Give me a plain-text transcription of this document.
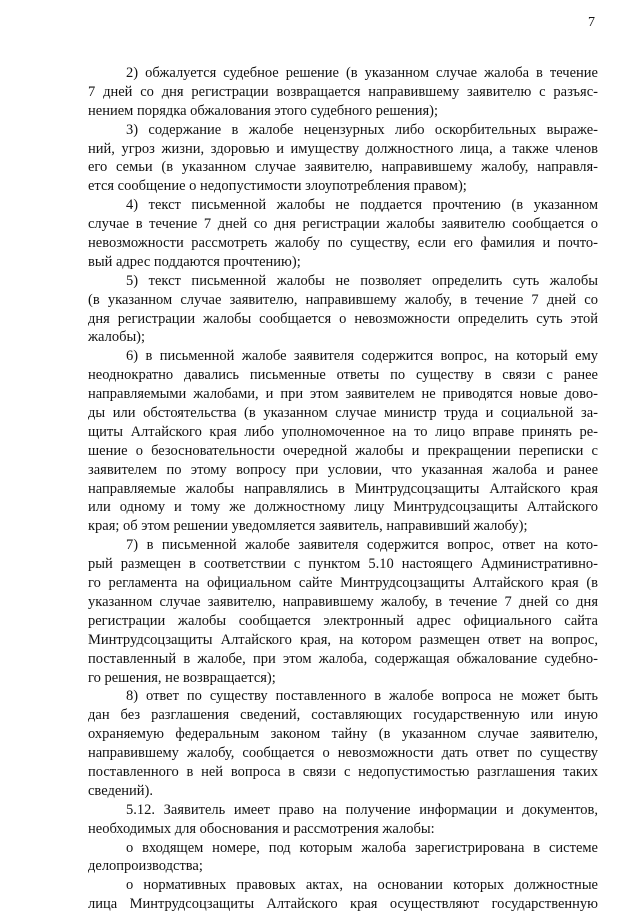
7
2) обжалуется судебное решение (в указанном случае жалоба в течение
7 дней со дня регистрации возвращается направившему заявителю с разъяс-
нением порядка обжалования этого судебного решения);
3) содержание в жалобе нецензурных либо оскорбительных выраже-
ний, угроз жизни, здоровью и имуществу должностного лица, а также членов
его семьи (в указанном случае заявителю, направившему жалобу, направля-
ется сообщение о недопустимости злоупотребления правом);
4) текст письменной жалобы не поддается прочтению (в указанном
случае в течение 7 дней со дня регистрации жалобы заявителю сообщается о
невозможности рассмотреть жалобу по существу, если его фамилия и почто-
вый адрес поддаются прочтению);
5) текст письменной жалобы не позволяет определить суть жалобы
(в указанном случае заявителю, направившему жалобу, в течение 7 дней со
дня регистрации жалобы сообщается о невозможности определить суть этой
жалобы);
6) в письменной жалобе заявителя содержится вопрос, на который ему
неоднократно давались письменные ответы по существу в связи с ранее
направляемыми жалобами, и при этом заявителем не приводятся новые дово-
ды или обстоятельства (в указанном случае министр труда и социальной за-
щиты Алтайского края либо уполномоченное на то лицо вправе принять ре-
шение о безосновательности очередной жалобы и прекращении переписки с
заявителем по этому вопросу при условии, что указанная жалоба и ранее
направляемые жалобы направлялись в Минтрудсоцзащиты Алтайского края
или одному и тому же должностному лицу Минтрудсоцзащиты Алтайского
края; об этом решении уведомляется заявитель, направивший жалобу);
7) в письменной жалобе заявителя содержится вопрос, ответ на кото-
рый размещен в соответствии с пунктом 5.10 настоящего Административно-
го регламента на официальном сайте Минтрудсоцзащиты Алтайского края (в
указанном случае заявителю, направившему жалобу, в течение 7 дней со дня
регистрации жалобы сообщается электронный адрес официального сайта
Минтрудсоцзащиты Алтайского края, на котором размещен ответ на вопрос,
поставленный в жалобе, при этом жалоба, содержащая обжалование судебно-
го решения, не возвращается);
8) ответ по существу поставленного в жалобе вопроса не может быть
дан без разглашения сведений, составляющих государственную или иную
охраняемую федеральным законом тайну (в указанном случае заявителю,
направившему жалобу, сообщается о невозможности дать ответ по существу
поставленного в ней вопроса в связи с недопустимостью разглашения таких
сведений).
5.12. Заявитель имеет право на получение информации и документов,
необходимых для обоснования и рассмотрения жалобы:
о входящем номере, под которым жалоба зарегистрирована в системе
делопроизводства;
о нормативных правовых актах, на основании которых должностные
лица Минтрудсоцзащиты Алтайского края осуществляют государственную
